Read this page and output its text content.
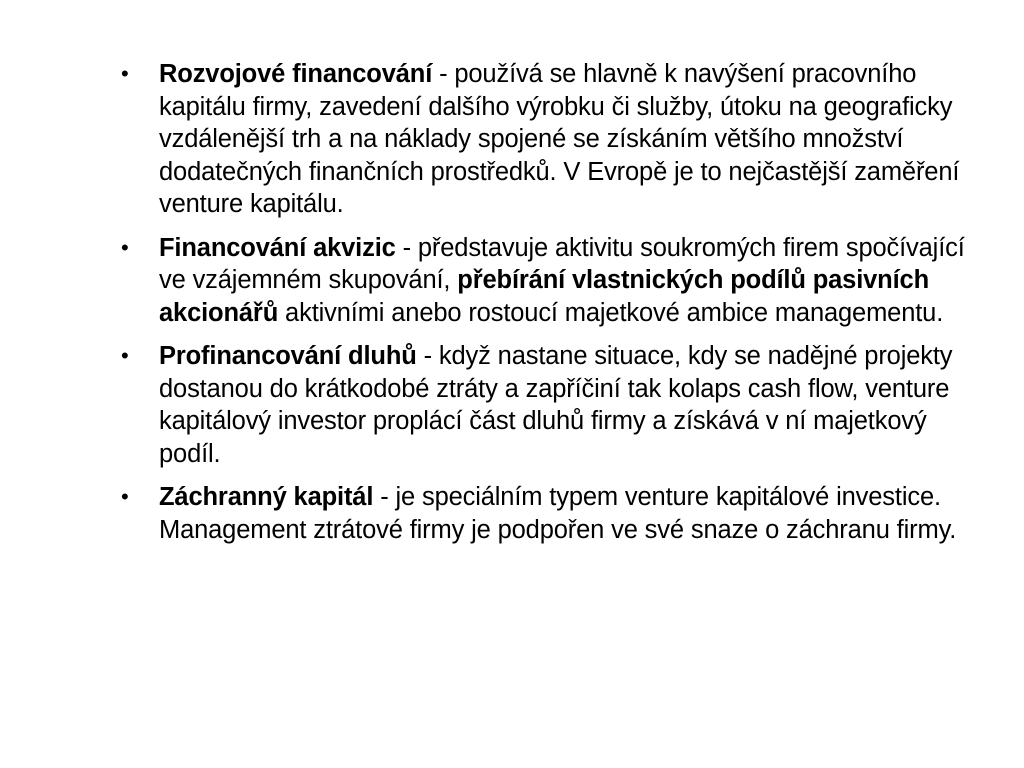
• Rozvojové financování - používá se hlavně k navýšení pracovního kapitálu firmy, zavedení dalšího výrobku či služby, útoku na geograficky vzdálenější trh a na náklady spojené se získáním většího množství dodatečných finančních prostředků. V Evropě je to nejčastější zaměření venture kapitálu.
• Financování akvizic - představuje aktivitu soukromých firem spočívající ve vzájemném skupování, přebírání vlastnických podílů pasivních akcionářů aktivními anebo rostoucí majetkové ambice managementu.
• Profinancování dluhů - když nastane situace, kdy se nadějné projekty dostanou do krátkodobé ztráty a zapříčiní tak kolaps cash flow, venture kapitálový investor proplácí část dluhů firmy a získává v ní majetkový podíl.
• Záchranný kapitál - je speciálním typem venture kapitálové investice. Management ztrátové firmy je podpořen ve své snaze o záchranu firmy.
